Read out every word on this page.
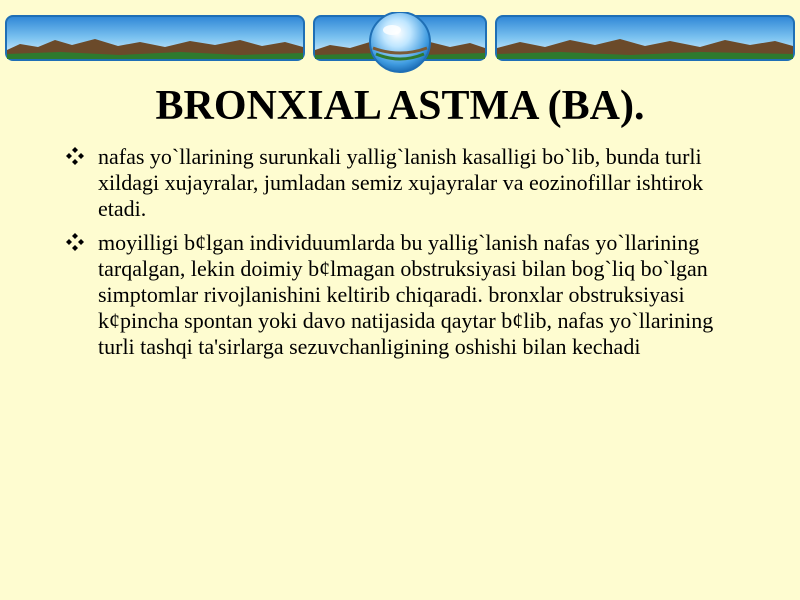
BRONXIAL ASTMA (BA).
nafas yo`llarining surunkali yallig`lanish kasalligi bo`lib, bunda turli xildagi xujayralar, jumladan semiz xujayralar va eozinofillar ishtirok etadi.
moyilligi b¢lgan individuumlarda bu yallig`lanish nafas yo`llarining tarqalgan, lekin doimiy b¢lmagan obstruksiyasi bilan bog`liq bo`lgan simptomlar rivojlanishini keltirib chiqaradi. bronxlar obstruksiyasi k¢pincha spontan yoki davo natijasida qaytar b¢lib, nafas yo`llarining turli tashqi ta'sirlarga sezuvchanligining oshishi bilan kechadi
